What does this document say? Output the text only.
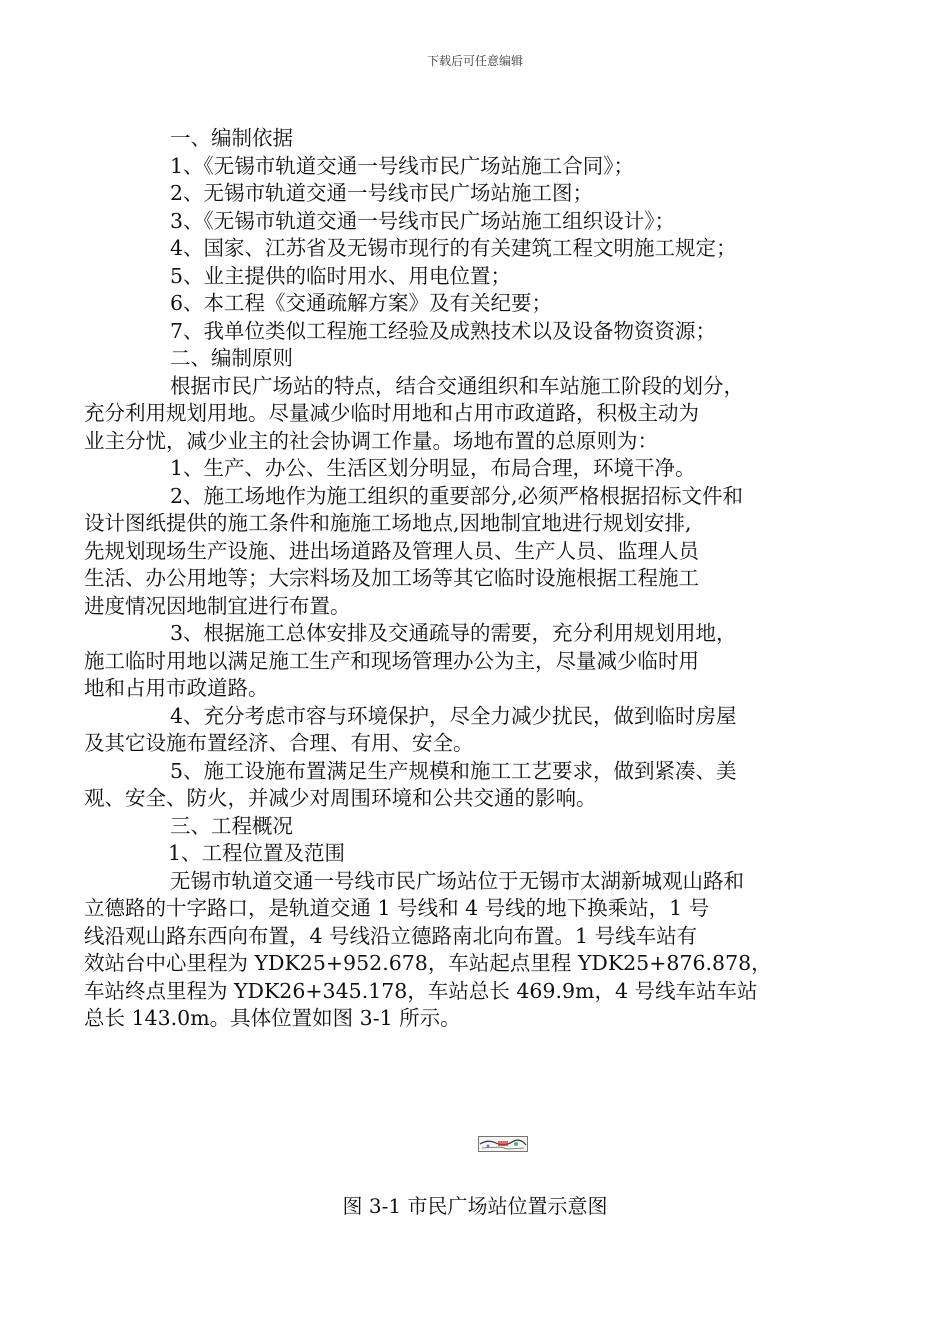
下载后可任意编辑

一、编制依据

1、《无锡市轨道交通一号线市民广场站施工合同》；

2、无锡市轨道交通一号线市民广场站施工图；

3、《无锡市轨道交通一号线市民广场站施工组织设计》；

4、国家、江苏省及无锡市现行的有关建筑工程文明施工规定；

5、业主提供的临时用水、用电位置；

6、本工程《交通疏解方案》及有关纪要；

7、我单位类似工程施工经验及成熟技术以及设备物资资源；

二、编制原则

根据市民广场站的特点，结合交通组织和车站施工阶段的划分，

充分利用规划用地。尽量减少临时用地和占用市政道路，积极主动为

业主分忧，减少业主的社会协调工作量。场地布置的总原则为：

1、生产、办公、生活区划分明显，布局合理，环境干净。

2、施工场地作为施工组织的重要部分,必须严格根据招标文件和

设计图纸提供的施工条件和施施工场地点,因地制宜地进行规划安排,

先规划现场生产设施、进出场道路及管理人员、生产人员、监理人员

生活、办公用地等；大宗料场及加工场等其它临时设施根据工程施工

进度情况因地制宜进行布置。

3、根据施工总体安排及交通疏导的需要，充分利用规划用地，

施工临时用地以满足施工生产和现场管理办公为主，尽量减少临时用

地和占用市政道路。

4、充分考虑市容与环境保护，尽全力减少扰民，做到临时房屋

及其它设施布置经济、合理、有用、安全。

5、施工设施布置满足生产规模和施工工艺要求，做到紧凑、美

观、安全、防火，并减少对周围环境和公共交通的影响。

三、工程概况

1、工程位置及范围

无锡市轨道交通一号线市民广场站位于无锡市太湖新城观山路和

立德路的十字路口，是轨道交通 1 号线和 4 号线的地下换乘站，1 号

线沿观山路东西向布置，4 号线沿立德路南北向布置。1 号线车站有

效站台中心里程为 YDK25+952.678，车站起点里程 YDK25+876.878，

车站终点里程为 YDK26+345.178，车站总长 469.9m，4 号线车站车站

总长 143.0m。具体位置如图 3-1 所示。

图 3-1 市民广场站位置示意图
